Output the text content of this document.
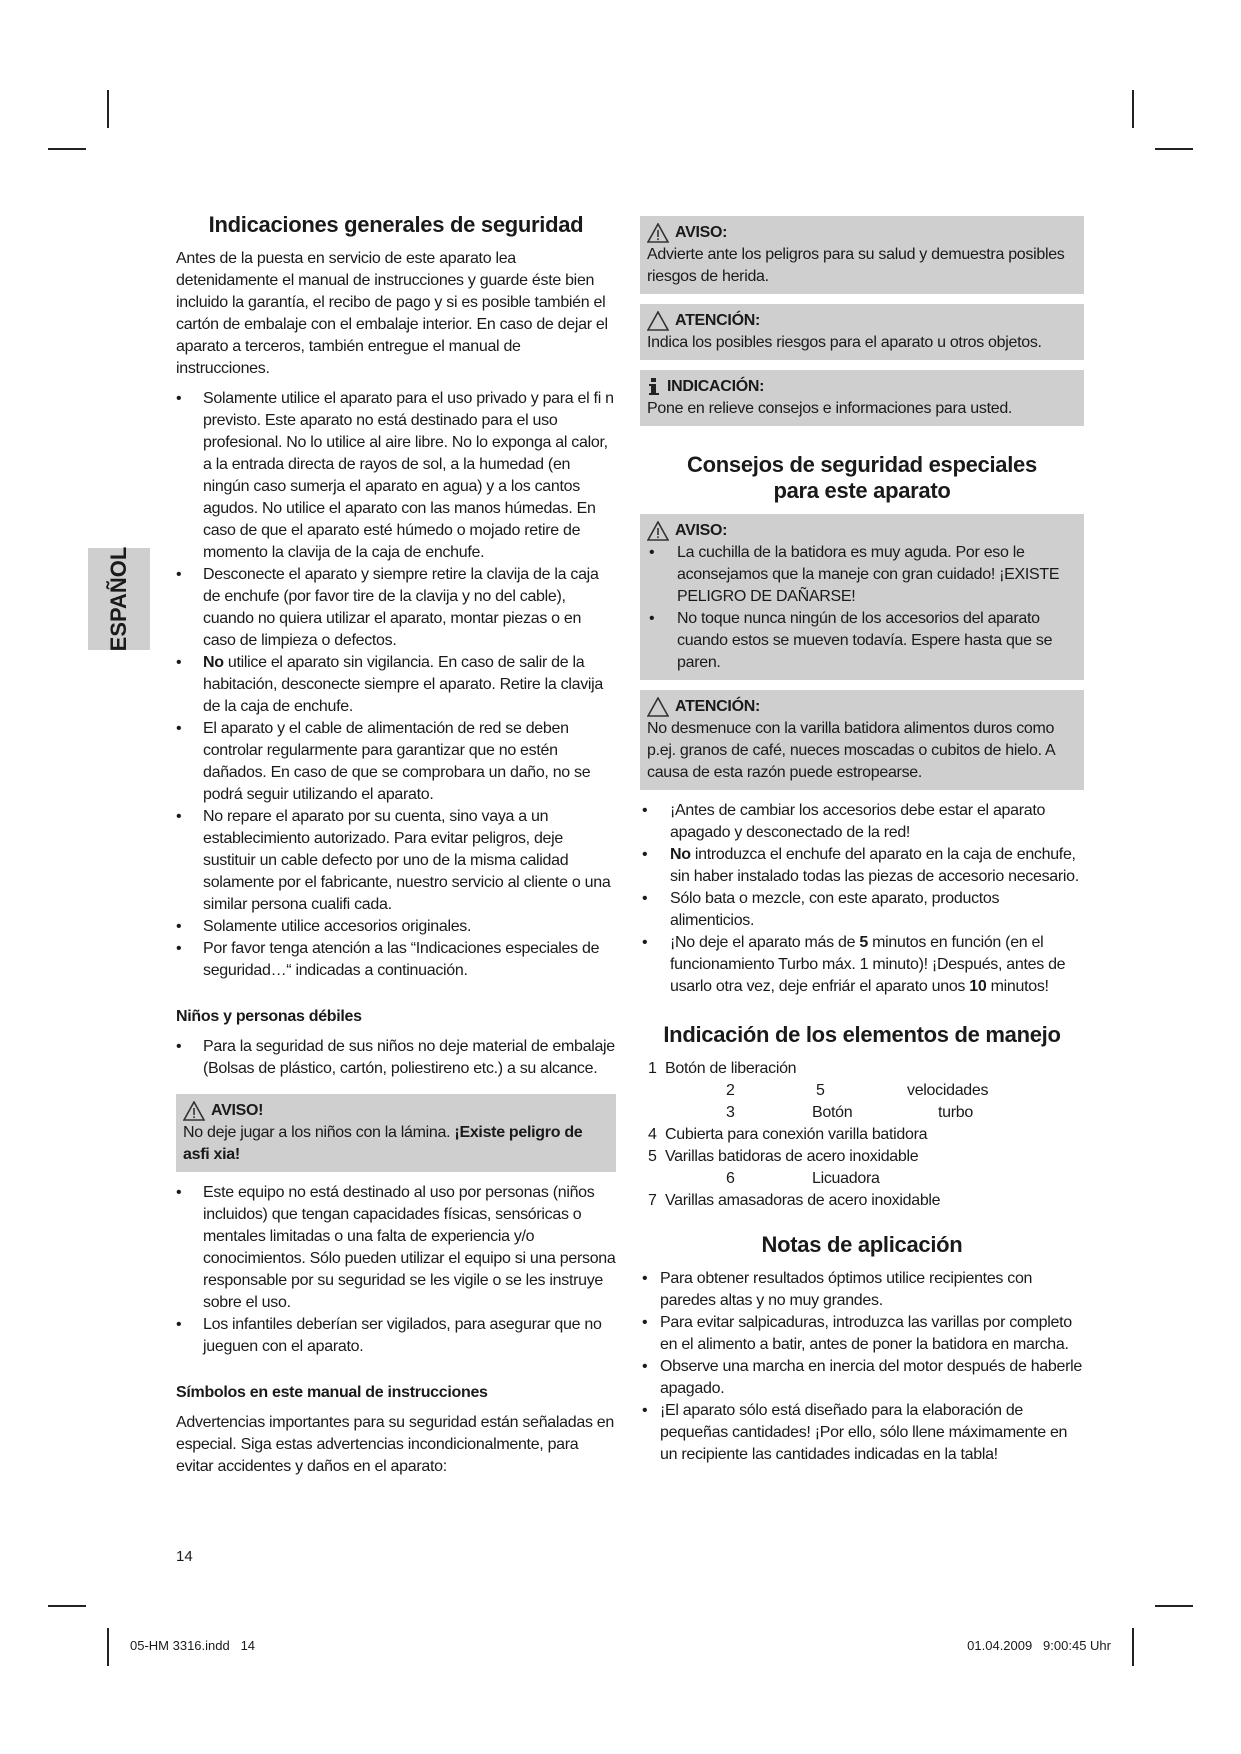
ESPAÑOL
Indicaciones generales de seguridad

Antes de la puesta en servicio de este aparato lea detenidamente el manual de instrucciones y guarde éste bien incluido la garantía, el recibo de pago y si es posible también el cartón de embalaje con el embalaje interior. En caso de dejar el aparato a terceros, también entregue el manual de instrucciones.

• Solamente utilice el aparato para el uso privado y para el fi n previsto. Este aparato no está destinado para el uso profesional. No lo utilice al aire libre. No lo exponga al calor, a la entrada directa de rayos de sol, a la humedad (en ningún caso sumerja el aparato en agua) y a los cantos agudos. No utilice el aparato con las manos húmedas. En caso de que el aparato esté húmedo o mojado retire de momento la clavija de la caja de enchufe.
• Desconecte el aparato y siempre retire la clavija de la caja de enchufe (por favor tire de la clavija y no del cable), cuando no quiera utilizar el aparato, montar piezas o en caso de limpieza o defectos.
• No utilice el aparato sin vigilancia. En caso de salir de la habitación, desconecte siempre el aparato. Retire la clavija de la caja de enchufe.
• El aparato y el cable de alimentación de red se deben controlar regularmente para garantizar que no estén dañados. En caso de que se comprobara un daño, no se podrá seguir utilizando el aparato.
• No repare el aparato por su cuenta, sino vaya a un establecimiento autorizado. Para evitar peligros, deje sustituir un cable defecto por uno de la misma calidad solamente por el fabricante, nuestro servicio al cliente o una similar persona cualifi cada.
• Solamente utilice accesorios originales.
• Por favor tenga atención a las “Indicaciones especiales de seguridad…“ indicadas a continuación.
Niños y personas débiles
• Para la seguridad de sus niños no deje material de embalaje (Bolsas de plástico, cartón, poliestireno etc.) a su alcance.
AVISO!
No deje jugar a los niños con la lámina. ¡Existe peligro de asfi xia!
• Este equipo no está destinado al uso por personas (niños incluidos) que tengan capacidades físicas, sensóricas o mentales limitadas o una falta de experiencia y/o conocimientos. Sólo pueden utilizar el equipo si una persona responsable por su seguridad se les vigile o se les instruye sobre el uso.
• Los infantiles deberían ser vigilados, para asegurar que no jueguen con el aparato.
Símbolos en este manual de instrucciones

Advertencias importantes para su seguridad están señaladas en especial. Siga estas advertencias incondicionalmente, para evitar accidentes y daños en el aparato:

AVISO:
Advierte ante los peligros para su salud y demuestra posibles riesgos de herida.
ATENCIÓN:
Indica los posibles riesgos para el aparato u otros objetos.
INDICACIÓN:
Pone en relieve consejos e informaciones para usted.
Consejos de seguridad especiales
para este aparato
AVISO:
• La cuchilla de la batidora es muy aguda. Por eso le aconsejamos que la maneje con gran cuidado! ¡EXISTE PELIGRO DE DAÑARSE!
• No toque nunca ningún de los accesorios del aparato cuando estos se mueven todavía. Espere hasta que se paren.
ATENCIÓN:
No desmenuce con la varilla batidora alimentos duros como p.ej. granos de café, nueces moscadas o cubitos de hielo. A causa de esta razón puede estropearse.
• ¡Antes de cambiar los accesorios debe estar el aparato apagado y desconectado de la red!
• No introduzca el enchufe del aparato en la caja de enchufe, sin haber instalado todas las piezas de accesorio necesario.
• Sólo bata o mezcle, con este aparato, productos alimenticios.
• ¡No deje el aparato más de 5 minutos en función (en el funcionamiento Turbo máx. 1 minuto)! ¡Después, antes de usarlo otra vez, deje enfriár el aparato unos 10 minutos!
Indicación de los elementos de manejo
1 Botón de liberación
2	5	velocidades
3	Botón	turbo
4 Cubierta para conexión varilla batidora
5 Varillas batidoras de acero inoxidable
6	Licuadora
7 Varillas amasadoras de acero inoxidable
Notas de aplicación
• Para obtener resultados óptimos utilice recipientes con paredes altas y no muy grandes.
• Para evitar salpicaduras, introduzca las varillas por completo en el alimento a batir, antes de poner la batidora en marcha.
• Observe una marcha en inercia del motor después de haberle apagado.
• ¡El aparato sólo está diseñado para la elaboración de pequeñas cantidades! ¡Por ello, sólo llene máximamente en un recipiente las cantidades indicadas en la tabla!
14
05-HM 3316.indd   14	01.04.2009   9:00:45 Uhr
